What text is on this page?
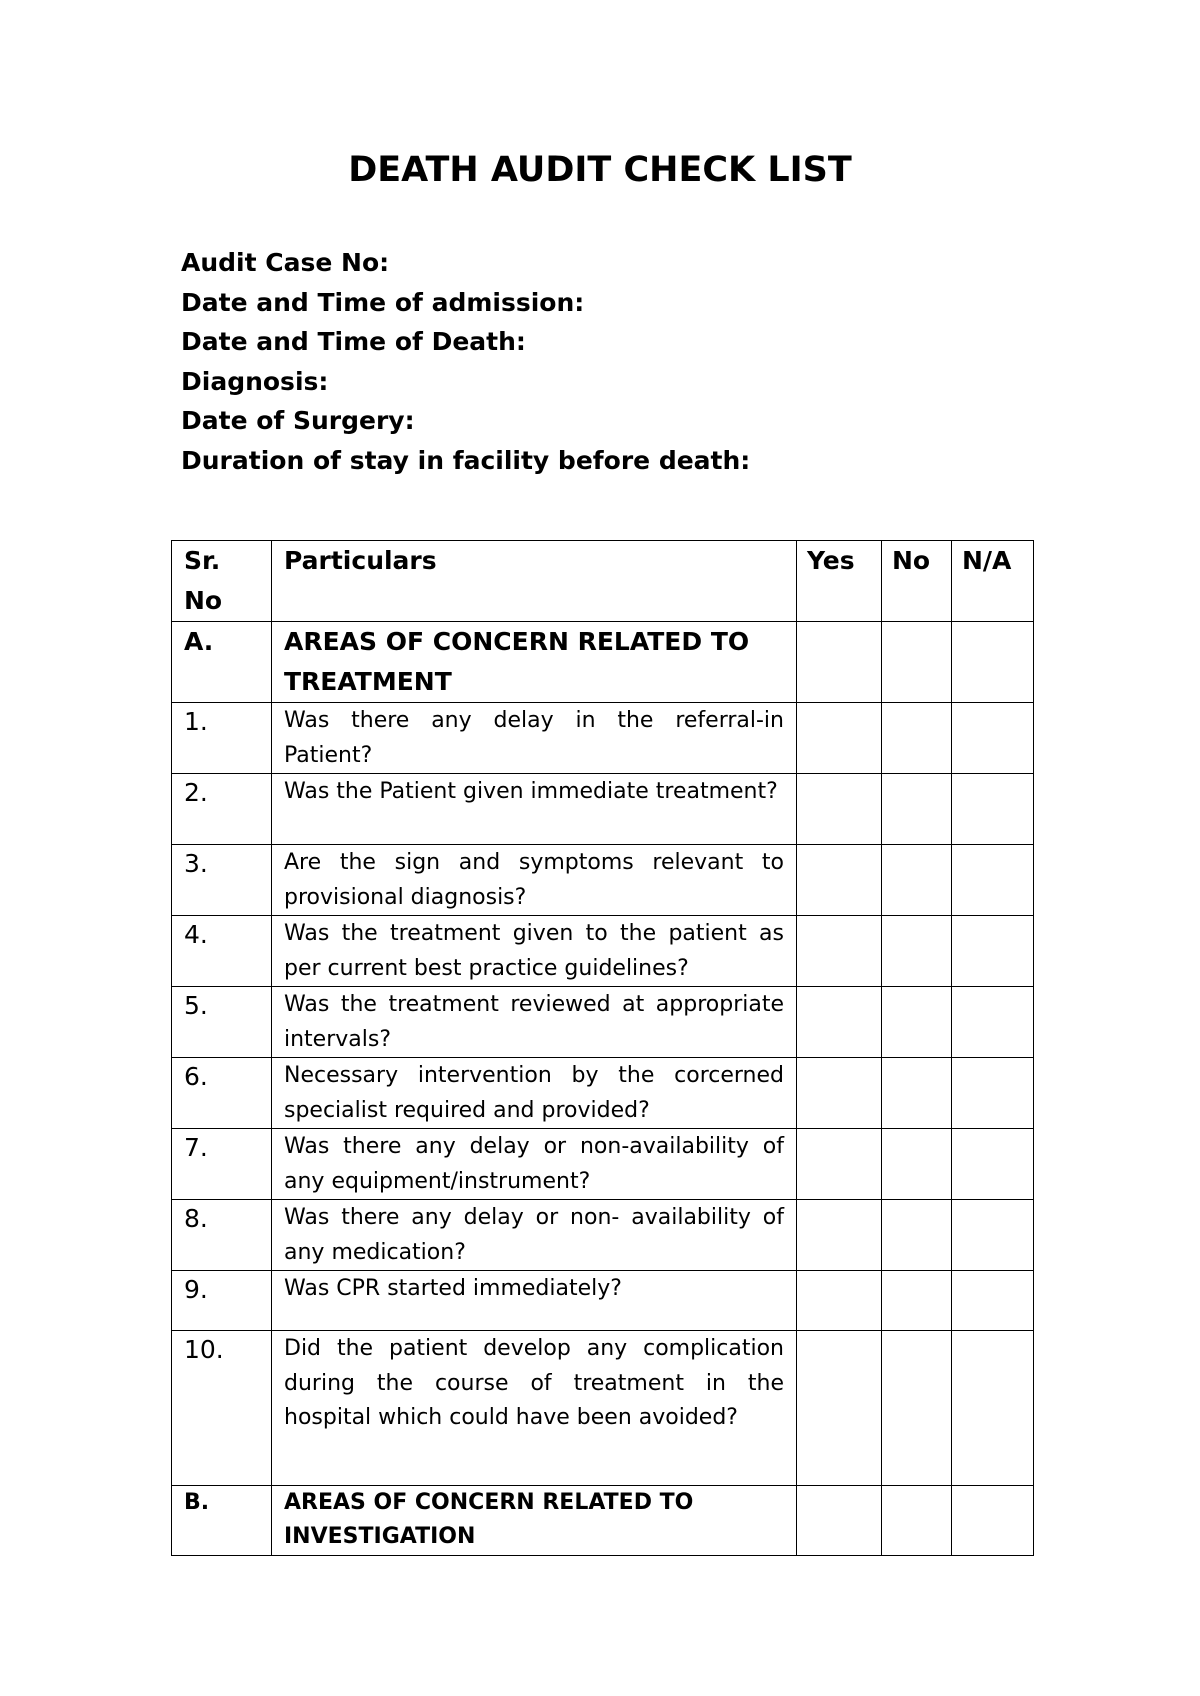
DEATH AUDIT CHECK LIST
Audit Case No:
Date and Time of admission:
Date and Time of Death:
Diagnosis:
Date of Surgery:
Duration of stay in facility before death:
Sr.
No	Particulars	Yes	No	N/A
A.	AREAS OF CONCERN RELATED TO TREATMENT			
1.	Was there any delay in the referral-in Patient?			
2.	Was the Patient given immediate treatment?			
3.	Are the sign and symptoms relevant to provisional diagnosis?			
4.	Was the treatment given to the patient as per current best practice guidelines?			
5.	Was the treatment reviewed at appropriate intervals?			
6.	Necessary intervention by the corcerned specialist required and provided?			
7.	Was there any delay or non-availability of any equipment/instrument?			
8.	Was there any delay or non- availability of any medication?			
9.	Was CPR started immediately?			
10.	Did the patient develop any complication during the course of treatment in the hospital which could have been avoided?			
B.	AREAS OF CONCERN RELATED TO INVESTIGATION			
